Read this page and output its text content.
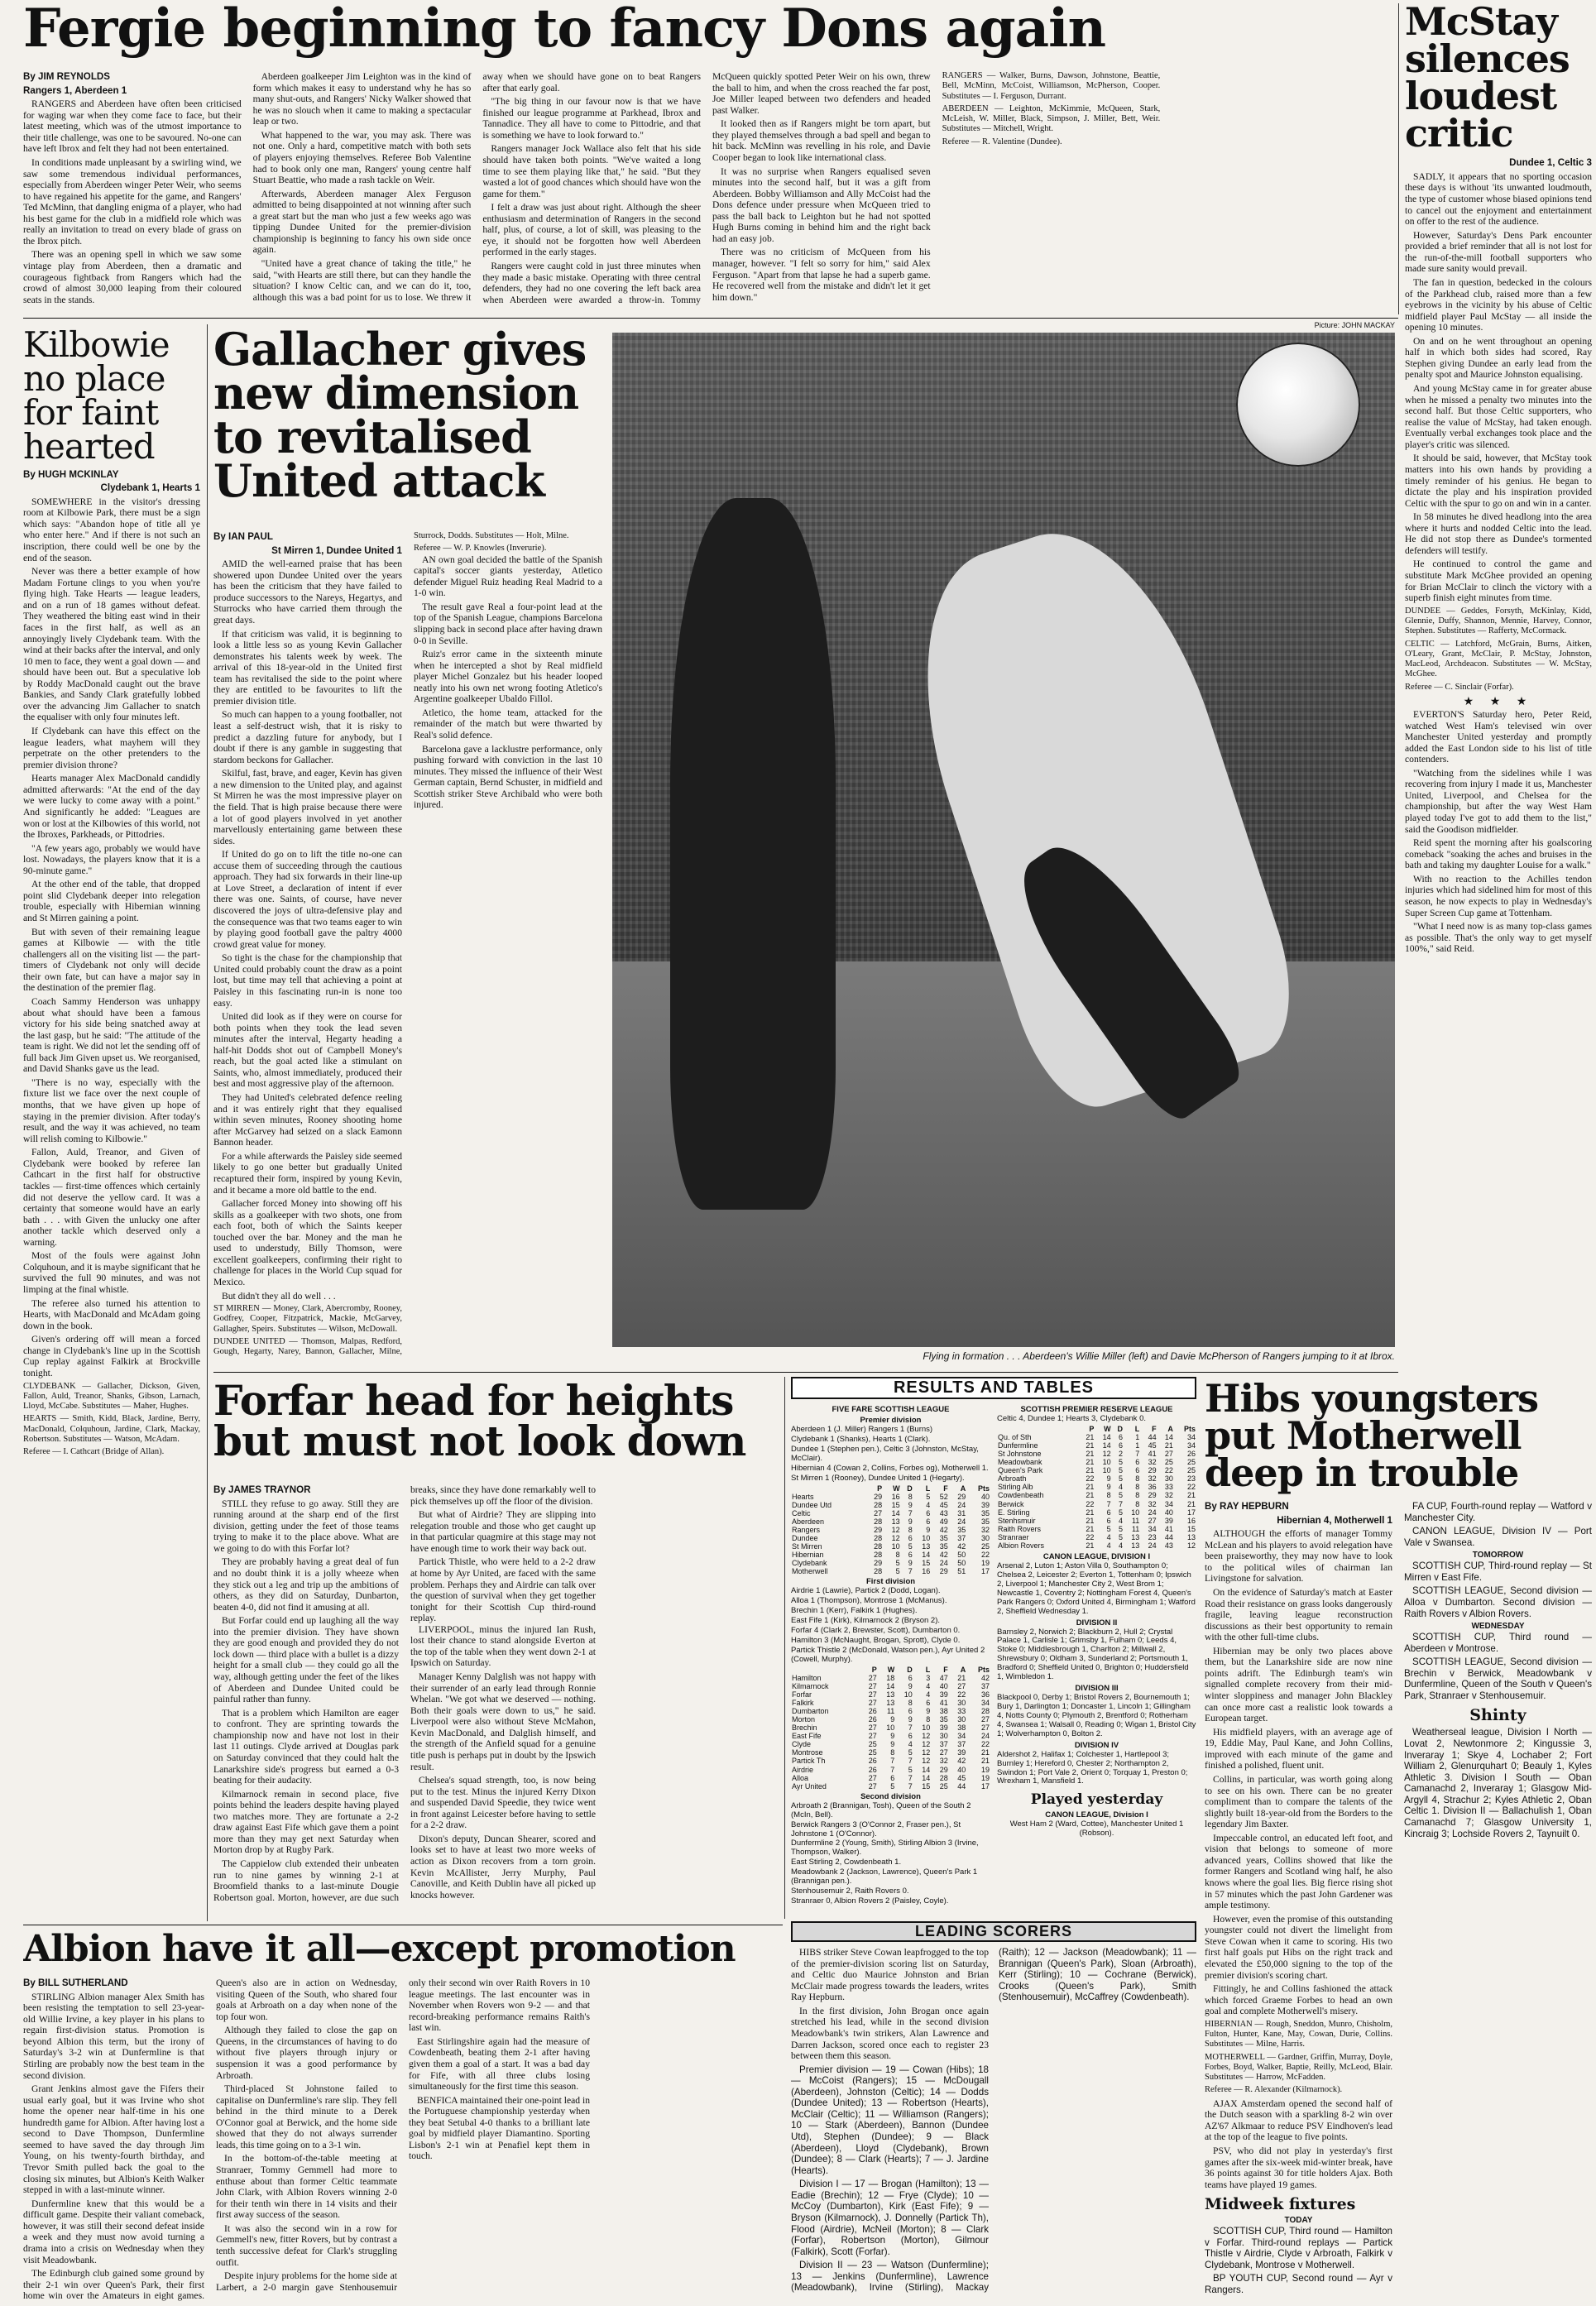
Fergie beginning to fancy Dons again

BY JIM REYNOLDS

Rangers 1, Aberdeen 1

RANGERS and Aberdeen have often been criticised for waging war when they come face to face, but their latest meeting, which was of the utmost importance to their title challenge, was one to be savoured. No-one can have left Ibrox and felt they had not been entertained.

In conditions made unpleasant by a swirling wind, we saw some tremendous individual performances, especially from Aberdeen winger Peter Weir, who seems to have regained his appetite for the game, and Rangers' Ted McMinn, that dangling enigma of a player, who had his best game for the club in a midfield role which was really an invitation to tread on every blade of grass on the Ibrox pitch.

There was an opening spell in which we saw some vintage play from Aberdeen, then a dramatic and courageous fightback from Rangers which had the crowd of almost 30,000 leaping from their coloured seats in the stands.

Aberdeen goalkeeper Jim Leighton was in the kind of form which makes it easy to understand why he has so many shut-outs, and Rangers' Nicky Walker showed that he was no slouch when it came to making a spectacular leap or two.

What happened to the war, you may ask. There was not one. Only a hard, competitive match with both sets of players enjoying themselves. Referee Bob Valentine had to book only one man, Rangers' young centre half Stuart Beattie, who made a rash tackle on Weir.

Afterwards, Aberdeen manager Alex Ferguson admitted to being disappointed at not winning after such a great start but the man who just a few weeks ago was tipping Dundee United for the premier-division championship is beginning to fancy his own side once again.

"United have a great chance of taking the title," he said, "with Hearts are still there, but can they handle the situation? I know Celtic can, and we can do it, too, although this was a bad point for us to lose. We threw it away when we should have gone on to beat Rangers after that early goal.

"The big thing in our favour now is that we have finished our league programme at Parkhead, Ibrox and Tannadice. They all have to come to Pittodrie, and that is something we have to look forward to."

Rangers manager Jock Wallace also felt that his side should have taken both points. "We've waited a long time to see them playing like that," he said. "But they wasted a lot of good chances which should have won the game for them."

I felt a draw was just about right. Although the sheer enthusiasm and determination of Rangers in the second half, plus, of course, a lot of skill, was pleasing to the eye, it should not be forgotten how well Aberdeen performed in the early stages.

Rangers were caught cold in just three minutes when they made a basic mistake. Operating with three central defenders, they had no one covering the left back area when Aberdeen were awarded a throw-in. Tommy McQueen quickly spotted Peter Weir on his own, threw the ball to him, and when the cross reached the far post, Joe Miller leaped between two defenders and headed past Walker.

It looked then as if Rangers might be torn apart, but they played themselves through a bad spell and began to hit back. McMinn was revelling in his role, and Davie Cooper began to look like international class.

It was no surprise when Rangers equalised seven minutes into the second half, but it was a gift from Aberdeen. Bobby Williamson and Ally McCoist had the Dons defence under pressure when McQueen tried to pass the ball back to Leighton but he had not spotted Hugh Burns coming in behind him and the right back had an easy job.

There was no criticism of McQueen from his manager, however. "I felt so sorry for him," said Alex Ferguson. "Apart from that lapse he had a superb game. He recovered well from the mistake and didn't let it get him down."

RANGERS — Walker, Burns, Dawson, Johnstone, Beattie, Bell, McMinn, McCoist, Williamson, McPherson, Cooper. Substitutes — I. Ferguson, Durrant.

ABERDEEN — Leighton, McKimmie, McQueen, Stark, McLeish, W. Miller, Black, Simpson, J. Miller, Bett, Weir. Substitutes — Mitchell, Wright.

Referee — R. Valentine (Dundee).

McStay silences loudest critic

Dundee 1, Celtic 3

SADLY, it appears that no sporting occasion these days is without 'its unwanted loudmouth, the type of customer whose biased opinions tend to cancel out the enjoyment and entertainment on offer to the rest of the audience.

However, Saturday's Dens Park encounter provided a brief reminder that all is not lost for the run-of-the-mill football supporters who made sure sanity would prevail.

The fan in question, bedecked in the colours of the Parkhead club, raised more than a few eyebrows in the vicinity by his abuse of Celtic midfield player Paul McStay — all inside the opening 10 minutes.

On and on he went throughout an opening half in which both sides had scored, Ray Stephen giving Dundee an early lead from the penalty spot and Maurice Johnston equalising.

And young McStay came in for greater abuse when he missed a penalty two minutes into the second half. But those Celtic supporters, who realise the value of McStay, had taken enough. Eventually verbal exchanges took place and the player's critic was silenced.

It should be said, however, that McStay took matters into his own hands by providing a timely reminder of his genius. He began to dictate the play and his inspiration provided Celtic with the spur to go on and win in a canter.

In 58 minutes he dived headlong into the area where it hurts and nodded Celtic into the lead. He did not stop there as Dundee's tormented defenders will testify.

He continued to control the game and substitute Mark McGhee provided an opening for Brian McClair to clinch the victory with a superb finish eight minutes from time.

DUNDEE — Geddes, Forsyth, McKinlay, Kidd, Glennie, Duffy, Shannon, Mennie, Harvey, Connor, Stephen. Substitutes — Rafferty, McCormack.

CELTIC — Latchford, McGrain, Burns, Aitken, O'Leary, Grant, McClair, P. McStay, Johnston, MacLeod, Archdeacon. Substitutes — W. McStay, McGhee.

Referee — C. Sinclair (Forfar).

★ ★ ★

EVERTON'S Saturday hero, Peter Reid, watched West Ham's televised win over Manchester United yesterday and promptly added the East London side to his list of title contenders.

"Watching from the sidelines while I was recovering from injury I made it us, Manchester United, Liverpool, and Chelsea for the championship, but after the way West Ham played today I've got to add them to the list," said the Goodison midfielder.

Reid spent the morning after his goalscoring comeback "soaking the aches and bruises in the bath and taking my daughter Louise for a walk."

With no reaction to the Achilles tendon injuries which had sidelined him for most of this season, he now expects to play in Wednesday's Super Screen Cup game at Tottenham.

"What I need now is as many top-class games as possible. That's the only way to get myself 100%," said Reid.

Kilbowie no place for faint hearted

BY HUGH MCKINLAY

Clydebank 1, Hearts 1

SOMEWHERE in the visitor's dressing room at Kilbowie Park, there must be a sign which says: "Abandon hope of title all ye who enter here." And if there is not such an inscription, there could well be one by the end of the season.

Never was there a better example of how Madam Fortune clings to you when you're flying high. Take Hearts — league leaders, and on a run of 18 games without defeat. They weathered the biting east wind in their faces in the first half, as well as an annoyingly lively Clydebank team. With the wind at their backs after the interval, and only 10 men to face, they went a goal down — and should have been out. But a speculative lob by Roddy MacDonald caught out the brave Bankies, and Sandy Clark gratefully lobbed over the advancing Jim Gallacher to snatch the equaliser with only four minutes left.

If Clydebank can have this effect on the league leaders, what mayhem will they perpetrate on the other pretenders to the premier division throne?

Hearts manager Alex MacDonald candidly admitted afterwards: "At the end of the day we were lucky to come away with a point." And significantly he added: "Leagues are won or lost at the Kilbowies of this world, not the Ibroxes, Parkheads, or Pittodries.

"A few years ago, probably we would have lost. Nowadays, the players know that it is a 90-minute game."

At the other end of the table, that dropped point slid Clydebank deeper into relegation trouble, especially with Hibernian winning and St Mirren gaining a point.

But with seven of their remaining league games at Kilbowie — with the title challengers all on the visiting list — the part-timers of Clydebank not only will decide their own fate, but can have a major say in the destination of the premier flag.

Coach Sammy Henderson was unhappy about what should have been a famous victory for his side being snatched away at the last gasp, but he said: "The attitude of the team is right. We did not let the sending off of full back Jim Given upset us. We reorganised, and David Shanks gave us the lead.

"There is no way, especially with the fixture list we face over the next couple of months, that we have given up hope of staying in the premier division. After today's result, and the way it was achieved, no team will relish coming to Kilbowie."

Fallon, Auld, Treanor, and Given of Clydebank were booked by referee Ian Cathcart in the first half for obstructive tackles — first-time offences which certainly did not deserve the yellow card. It was a certainty that someone would have an early bath . . . with Given the unlucky one after another tackle which deserved only a warning.

Most of the fouls were against John Colquhoun, and it is maybe significant that he survived the full 90 minutes, and was not limping at the final whistle.

The referee also turned his attention to Hearts, with MacDonald and McAdam going down in the book.

Given's ordering off will mean a forced change in Clydebank's line up in the Scottish Cup replay against Falkirk at Brockville tonight.

CLYDEBANK — Gallacher, Dickson, Given, Fallon, Auld, Treanor, Shanks, Gibson, Larnach, Lloyd, McCabe. Substitutes — Maher, Hughes.

HEARTS — Smith, Kidd, Black, Jardine, Berry, MacDonald, Colquhoun, Jardine, Clark, Mackay, Robertson. Substitutes — Watson, McAdam.

Referee — I. Cathcart (Bridge of Allan).

Gallacher gives new dimension to revitalised United attack

BY IAN PAUL

St Mirren 1, Dundee United 1

AMID the well-earned praise that has been showered upon Dundee United over the years has been the criticism that they have failed to produce successors to the Nareys, Hegartys, and Sturrocks who have carried them through the great days.

If that criticism was valid, it is beginning to look a little less so as young Kevin Gallacher demonstrates his talents week by week. The arrival of this 18-year-old in the United first team has revitalised the side to the point where they are entitled to be favourites to lift the premier division title.

So much can happen to a young footballer, not least a self-destruct wish, that it is risky to predict a dazzling future for anybody, but I doubt if there is any gamble in suggesting that stardom beckons for Gallacher.

Skilful, fast, brave, and eager, Kevin has given a new dimension to the United play, and against St Mirren he was the most impressive player on the field. That is high praise because there were a lot of good players involved in yet another marvellously entertaining game between these sides.

If United do go on to lift the title no-one can accuse them of succeeding through the cautious approach. They had six forwards in their line-up at Love Street, a declaration of intent if ever there was one. Saints, of course, have never discovered the joys of ultra-defensive play and the consequence was that two teams eager to win by playing good football gave the paltry 4000 crowd great value for money.

So tight is the chase for the championship that United could probably count the draw as a point lost, but time may tell that achieving a point at Paisley in this fascinating run-in is none too easy.

United did look as if they were on course for both points when they took the lead seven minutes after the interval, Hegarty heading a half-hit Dodds shot out of Campbell Money's reach, but the goal acted like a stimulant on Saints, who, almost immediately, produced their best and most aggressive play of the afternoon.

They had United's celebrated defence reeling and it was entirely right that they equalised within seven minutes, Rooney shooting home after McGarvey had seized on a slack Eamonn Bannon header.

For a while afterwards the Paisley side seemed likely to go one better but gradually United recaptured their form, inspired by young Kevin, and it became a more old battle to the end.

Gallacher forced Money into showing off his skills as a goalkeeper with two shots, one from each foot, both of which the Saints keeper touched over the bar. Money and the man he used to understudy, Billy Thomson, were excellent goalkeepers, confirming their right to challenge for places in the World Cup squad for Mexico.

But didn't they all do well . . .

ST MIRREN — Money, Clark, Abercromby, Rooney, Godfrey, Cooper, Fitzpatrick, Mackie, McGarvey, Gallagher, Speirs. Substitutes — Wilson, McDowall.

DUNDEE UNITED — Thomson, Malpas, Redford, Gough, Hegarty, Narey, Bannon, Gallacher, Milne, Sturrock, Dodds. Substitutes — Holt, Milne.

Referee — W. P. Knowles (Inverurie).

AN own goal decided the battle of the Spanish capital's soccer giants yesterday, Atletico defender Miguel Ruiz heading Real Madrid to a 1-0 win.

The result gave Real a four-point lead at the top of the Spanish League, champions Barcelona slipping back in second place after having drawn 0-0 in Seville.

Ruiz's error came in the sixteenth minute when he intercepted a shot by Real midfield player Michel Gonzalez but his header looped neatly into his own net wrong footing Atletico's Argentine goalkeeper Ubaldo Fillol.

Atletico, the home team, attacked for the remainder of the match but were thwarted by Real's solid defence.

Barcelona gave a lacklustre performance, only pushing forward with conviction in the last 10 minutes. They missed the influence of their West German captain, Bernd Schuster, in midfield and Scottish striker Steve Archibald who were both injured.

Picture: JOHN MACKAY
Flying in formation . . . Aberdeen's Willie Miller (left) and Davie McPherson of Rangers jumping to it at Ibrox.
Forfar head for heights but must not look down

BY JAMES TRAYNOR

STILL they refuse to go away. Still they are running around at the sharp end of the first division, getting under the feet of those teams trying to make it to the place above. What are we going to do with this Forfar lot?

They are probably having a great deal of fun and no doubt think it is a jolly wheeze when they stick out a leg and trip up the ambitions of others, as they did on Saturday, Dunbarton, beaten 4-0, did not find it amusing at all.

But Forfar could end up laughing all the way into the premier division. They have shown they are good enough and provided they do not lock down — third place with a bullet is a dizzy height for a small club — they could go all the way, although getting under the feet of the likes of Aberdeen and Dundee United could be painful rather than funny.

That is a problem which Hamilton are eager to confront. They are sprinting towards the championship now and have not lost in their last 11 outings. Clyde arrived at Douglas park on Saturday convinced that they could halt the Lanarkshire side's progress but earned a 0-3 beating for their audacity.

Kilmarnock remain in second place, five points behind the leaders despite having played two matches more. They are fortunate a 2-2 draw against East Fife which gave them a point more than they may get next Saturday when Morton drop by at Rugby Park.

The Cappielow club extended their unbeaten run to nine games by winning 2-1 at Broomfield thanks to a last-minute Dougie Robertson goal. Morton, however, are due such breaks, since they have done remarkably well to pick themselves up off the floor of the division.

But what of Airdrie? They are slipping into relegation trouble and those who get caught up in that particular quagmire at this stage may not have enough time to work their way back out.

Partick Thistle, who were held to a 2-2 draw at home by Ayr United, are faced with the same problem. Perhaps they and Airdrie can talk over the question of survival when they get together tonight for their Scottish Cup third-round replay.

LIVERPOOL, minus the injured Ian Rush, lost their chance to stand alongside Everton at the top of the table when they went down 2-1 at Ipswich on Saturday.

Manager Kenny Dalglish was not happy with their surrender of an early lead through Ronnie Whelan. "We got what we deserved — nothing. Both their goals were down to us," he said. Liverpool were also without Steve McMahon, Kevin MacDonald, and Dalglish himself, and the strength of the Anfield squad for a genuine title push is perhaps put in doubt by the Ipswich result.

Chelsea's squad strength, too, is now being put to the test. Minus the injured Kerry Dixon and suspended David Speedie, they twice went in front against Leicester before having to settle for a 2-2 draw.

Dixon's deputy, Duncan Shearer, scored and looks set to have at least two more weeks of action as Dixon recovers from a torn groin. Kevin McAllister, Jerry Murphy, Paul Canoville, and Keith Dublin have all picked up knocks however.

RESULTS AND TABLES
FIVE FARE SCOTTISH LEAGUE
Premier division

Aberdeen 1 (J. Miller) Rangers 1 (Burns)

Clydebank 1 (Shanks), Hearts 1 (Clark).

Dundee 1 (Stephen pen.), Celtic 3 (Johnston, McStay, McClair).

Hibernian 4 (Cowan 2, Collins, Forbes og), Motherwell 1.

St Mirren 1 (Rooney), Dundee United 1 (Hegarty).

	P	W	D	L	F	A	Pts
Hearts	29	16	8	5	52	29	40
Dundee Utd	28	15	9	4	45	24	39
Celtic	27	14	7	6	43	31	35
Aberdeen	28	13	9	6	49	24	35
Rangers	29	12	8	9	42	35	32
Dundee	28	12	6	10	35	37	30
St Mirren	28	10	5	13	35	42	25
Hibernian	28	8	6	14	42	50	22
Clydebank	29	5	9	15	24	50	19
Motherwell	28	5	7	16	29	51	17
First division

Airdrie 1 (Lawrie), Partick 2 (Dodd, Logan).

Alloa 1 (Thompson), Montrose 1 (McManus).

Brechin 1 (Kerr), Falkirk 1 (Hughes).

East Fife 1 (Kirk), Kilmarnock 2 (Bryson 2).

Forfar 4 (Clark 2, Brewster, Scott), Dumbarton 0.

Hamilton 3 (McNaught, Brogan, Sprott), Clyde 0.

Partick Thistle 2 (McDonald, Watson pen.), Ayr United 2 (Cowell, Murphy).

	P	W	D	L	F	A	Pts
Hamilton	27	18	6	3	47	21	42
Kilmarnock	27	14	9	4	40	27	37
Forfar	27	13	10	4	39	22	36
Falkirk	27	13	8	6	41	30	34
Dumbarton	26	11	6	9	38	33	28
Morton	26	9	9	8	35	30	27
Brechin	27	10	7	10	39	38	27
East Fife	27	9	6	12	30	34	24
Clyde	25	9	4	12	37	37	22
Montrose	25	8	5	12	27	39	21
Partick Th	26	7	7	12	32	42	21
Airdrie	26	7	5	14	29	40	19
Alloa	27	6	7	14	28	45	19
Ayr United	27	5	7	15	25	44	17
Second division

Arbroath 2 (Brannigan, Tosh), Queen of the South 2 (McIn, Bell).

Berwick Rangers 3 (O'Connor 2, Fraser pen.), St Johnstone 1 (O'Connor).

Dunfermline 2 (Young, Smith), Stirling Albion 3 (Irvine, Thompson, Walker).

East Stirling 2, Cowdenbeath 1.

Meadowbank 2 (Jackson, Lawrence), Queen's Park 1 (Brannigan pen.).

Stenhousemuir 2, Raith Rovers 0.

Stranraer 0, Albion Rovers 2 (Paisley, Coyle).

SCOTTISH PREMIER RESERVE LEAGUE
Celtic 4, Dundee 1; Hearts 3, Clydebank 0.
	P	W	D	L	F	A	Pts
Qu. of Sth	21	14	6	1	44	14	34
Dunfermline	21	14	6	1	45	21	34
St Johnstone	21	12	2	7	41	27	26
Meadowbank	21	10	5	6	32	25	25
Queen's Park	21	10	5	6	29	22	25
Arbroath	22	9	5	8	32	30	23
Stirling Alb	21	9	4	8	36	33	22
Cowdenbeath	21	8	5	8	29	32	21
Berwick	22	7	7	8	32	34	21
E. Stirling	21	6	5	10	24	40	17
Stenhsmuir	21	6	4	11	27	39	16
Raith Rovers	21	5	5	11	34	41	15
Stranraer	22	4	5	13	23	44	13
Albion Rovers	21	4	4	13	24	43	12
CANON LEAGUE, DIVISION I

Arsenal 2, Luton 1; Aston Villa 0, Southampton 0; Chelsea 2, Leicester 2; Everton 1, Tottenham 0; Ipswich 2, Liverpool 1; Manchester City 2, West Brom 1; Newcastle 1, Coventry 2; Nottingham Forest 4, Queen's Park Rangers 0; Oxford United 4, Birmingham 1; Watford 2, Sheffield Wednesday 1.

DIVISION II

Barnsley 2, Norwich 2; Blackburn 2, Hull 2; Crystal Palace 1, Carlisle 1; Grimsby 1, Fulham 0; Leeds 4, Stoke 0; Middlesbrough 1, Charlton 2; Millwall 2, Shrewsbury 0; Oldham 3, Sunderland 2; Portsmouth 1, Bradford 0; Sheffield United 0, Brighton 0; Huddersfield 1, Wimbledon 1.

DIVISION III

Blackpool 0, Derby 1; Bristol Rovers 2, Bournemouth 1; Bury 1, Darlington 1; Doncaster 1, Lincoln 1; Gillingham 4, Notts County 0; Plymouth 2, Brentford 0; Rotherham 4, Swansea 1; Walsall 0, Reading 0; Wigan 1, Bristol City 1; Wolverhampton 0, Bolton 2.

DIVISION IV

Aldershot 2, Halifax 1; Colchester 1, Hartlepool 3; Burnley 1; Hereford 0, Chester 2; Northampton 2, Swindon 1; Port Vale 2, Orient 0; Torquay 1, Preston 0; Wrexham 1, Mansfield 1.

Played yesterday
CANON LEAGUE, Division I
West Ham 2 (Ward, Cottee), Manchester United 1 (Robson).
Hibs youngsters put Motherwell deep in trouble

BY RAY HEPBURN

Hibernian 4, Motherwell 1

ALTHOUGH the efforts of manager Tommy McLean and his players to avoid relegation have been praiseworthy, they may now have to look to the political wiles of chairman Ian Livingstone for salvation.

On the evidence of Saturday's match at Easter Road their resistance on grass looks dangerously fragile, leaving league reconstruction discussions as their best opportunity to remain with the other full-time clubs.

Hibernian may be only two places above them, but the Lanarkshire side are now nine points adrift. The Edinburgh team's win signalled complete recovery from their mid-winter sloppiness and manager John Blackley can once more cast a realistic look towards a European target.

His midfield players, with an average age of 19, Eddie May, Paul Kane, and John Collins, improved with each minute of the game and finished a polished, fluent unit.

Collins, in particular, was worth going along to see on his own. There can be no greater compliment than to compare the talents of the slightly built 18-year-old from the Borders to the legendary Jim Baxter.

Impeccable control, an educated left foot, and vision that belongs to someone of more advanced years, Collins showed that like the former Rangers and Scotland wing half, he also knows where the goal lies. Big fierce rising shot in 57 minutes which the past John Gardener was ample testimony.

However, even the promise of this outstanding youngster could not divert the limelight from Steve Cowan when it came to scoring. His two first half goals put Hibs on the right track and elevated the £50,000 signing to the top of the premier division's scoring chart.

Fittingly, he and Collins fashioned the attack which forced Graeme Forbes to head an own goal and complete Motherwell's misery.

HIBERNIAN — Rough, Sneddon, Munro, Chisholm, Fulton, Hunter, Kane, May, Cowan, Durie, Collins. Substitutes — Milne, Harris.

MOTHERWELL — Gardner, Griffin, Murray, Doyle, Forbes, Boyd, Walker, Baptie, Reilly, McLeod, Blair. Substitutes — Harrow, McFadden.

Referee — R. Alexander (Kilmarnock).

AJAX Amsterdam opened the second half of the Dutch season with a sparkling 8-2 win over AZ'67 Alkmaar to reduce PSV Eindhoven's lead at the top of the league to five points.

PSV, who did not play in yesterday's first games after the six-week mid-winter break, have 36 points against 30 for title holders Ajax. Both teams have played 19 games.

Midweek fixtures
TODAY

SCOTTISH CUP, Third round — Hamilton v Forfar. Third-round replays — Partick Thistle v Airdrie, Clyde v Arbroath, Falkirk v Clydebank, Montrose v Motherwell.

BP YOUTH CUP, Second round — Ayr v Rangers.

FA CUP, Fourth-round replay — Watford v Manchester City.

CANON LEAGUE, Division IV — Port Vale v Swansea.

TOMORROW

SCOTTISH CUP, Third-round replay — St Mirren v East Fife.

SCOTTISH LEAGUE, Second division — Alloa v Dumbarton. Second division — Raith Rovers v Albion Rovers.

WEDNESDAY

SCOTTISH CUP, Third round — Aberdeen v Montrose.

SCOTTISH LEAGUE, Second division — Brechin v Berwick, Meadowbank v Dunfermline, Queen of the South v Queen's Park, Stranraer v Stenhousemuir.

Shinty

Weatherseal league, Division I North — Lovat 2, Newtonmore 2; Kingussie 3, Inveraray 1; Skye 4, Lochaber 2; Fort William 2, Glenurquhart 0; Beauly 1, Kyles Athletic 3. Division I South — Oban Camanachd 2, Inveraray 1; Glasgow Mid-Argyll 4, Strachur 2; Kyles Athletic 2, Oban Celtic 1. Division II — Ballachulish 1, Oban Camanachd 7; Glasgow University 1, Kincraig 3; Lochside Rovers 2, Taynuilt 0.

Albion have it all—except promotion

BY BILL SUTHERLAND

STIRLING Albion manager Alex Smith has been resisting the temptation to sell 23-year-old Willie Irvine, a key player in his plans to regain first-division status. Promotion is beyond Albion this term, but the irony of Saturday's 3-2 win at Dunfermline is that Stirling are probably now the best team in the second division.

Grant Jenkins almost gave the Fifers their usual early goal, but it was Irvine who shot home the opener near half-time in his one hundredth game for Albion. After having lost a second to Dave Thompson, Dunfermline seemed to have saved the day through Jim Young, on his twenty-fourth birthday, and Trevor Smith pulled back the goal to the closing six minutes, but Albion's Keith Walker stepped in with a last-minute winner.

Dunfermline knew that this would be a difficult game. Despite their valiant comeback, however, it was still their second defeat inside a week and they must now avoid turning a drama into a crisis on Wednesday when they visit Meadowbank.

The Edinburgh club gained some ground by their 2-1 win over Queen's Park, their first home win over the Amateurs in eight games. Queen's also are in action on Wednesday, visiting Queen of the South, who shared four goals at Arbroath on a day when none of the top four won.

Although they failed to close the gap on Queens, in the circumstances of having to do without five players through injury or suspension it was a good performance by Arbroath.

Third-placed St Johnstone failed to capitalise on Dunfermline's rare slip. They fell behind in the third minute to a Derek O'Connor goal at Berwick, and the home side showed that they do not always surrender leads, this time going on to a 3-1 win.

In the bottom-of-the-table meeting at Stranraer, Tommy Gemmell had more to enthuse about than former Celtic teammate John Clark, with Albion Rovers winning 2-0 for their tenth win there in 14 visits and their first away success of the season.

It was also the second win in a row for Gemmell's new, fitter Rovers, but by contrast a tenth successive defeat for Clark's struggling outfit.

Despite injury problems for the home side at Larbert, a 2-0 margin gave Stenhousemuir only their second win over Raith Rovers in 10 league meetings. The last encounter was in November when Rovers won 9-2 — and that record-breaking performance remains Raith's last win.

East Stirlingshire again had the measure of Cowdenbeath, beating them 2-1 after having given them a goal of a start. It was a bad day for Fife, with all three clubs losing simultaneously for the first time this season.

BENFICA maintained their one-point lead in the Portuguese championship yesterday when they beat Setubal 4-0 thanks to a brilliant late goal by midfield player Diamantino. Sporting Lisbon's 2-1 win at Penafiel kept them in touch.

LEADING SCORERS

HIBS striker Steve Cowan leapfrogged to the top of the premier-division scoring list on Saturday, and Celtic duo Maurice Johnston and Brian McClair made progress towards the leaders, writes Ray Hepburn.

In the first division, John Brogan once again stretched his lead, while in the second division Meadowbank's twin strikers, Alan Lawrence and Darren Jackson, scored once each to register 23 between them this season.

Premier division — 19 — Cowan (Hibs); 18 — McCoist (Rangers); 15 — McDougall (Aberdeen), Johnston (Celtic); 14 — Dodds (Dundee United); 13 — Robertson (Hearts), McClair (Celtic); 11 — Williamson (Rangers); 10 — Stark (Aberdeen), Bannon (Dundee Utd), Stephen (Dundee); 9 — Black (Aberdeen), Lloyd (Clydebank), Brown (Dundee); 8 — Clark (Hearts); 7 — J. Jardine (Hearts).

Division I — 17 — Brogan (Hamilton); 13 — Eadie (Brechin); 12 — Frye (Clyde); 10 — McCoy (Dumbarton), Kirk (East Fife); 9 — Bryson (Kilmarnock), J. Donnelly (Partick Th), Flood (Airdrie), McNeil (Morton); 8 — Clark (Forfar), Robertson (Morton), Gilmour (Falkirk), Scott (Forfar).

Division II — 23 — Watson (Dunfermline); 13 — Jenkins (Dunfermline), Lawrence (Meadowbank), Irvine (Stirling), Mackay (Raith); 12 — Jackson (Meadowbank); 11 — Brannigan (Queen's Park), Sloan (Arbroath), Kerr (Stirling); 10 — Cochrane (Berwick), Crooks (Queen's Park), Smith (Stenhousemuir), McCaffrey (Cowdenbeath).
